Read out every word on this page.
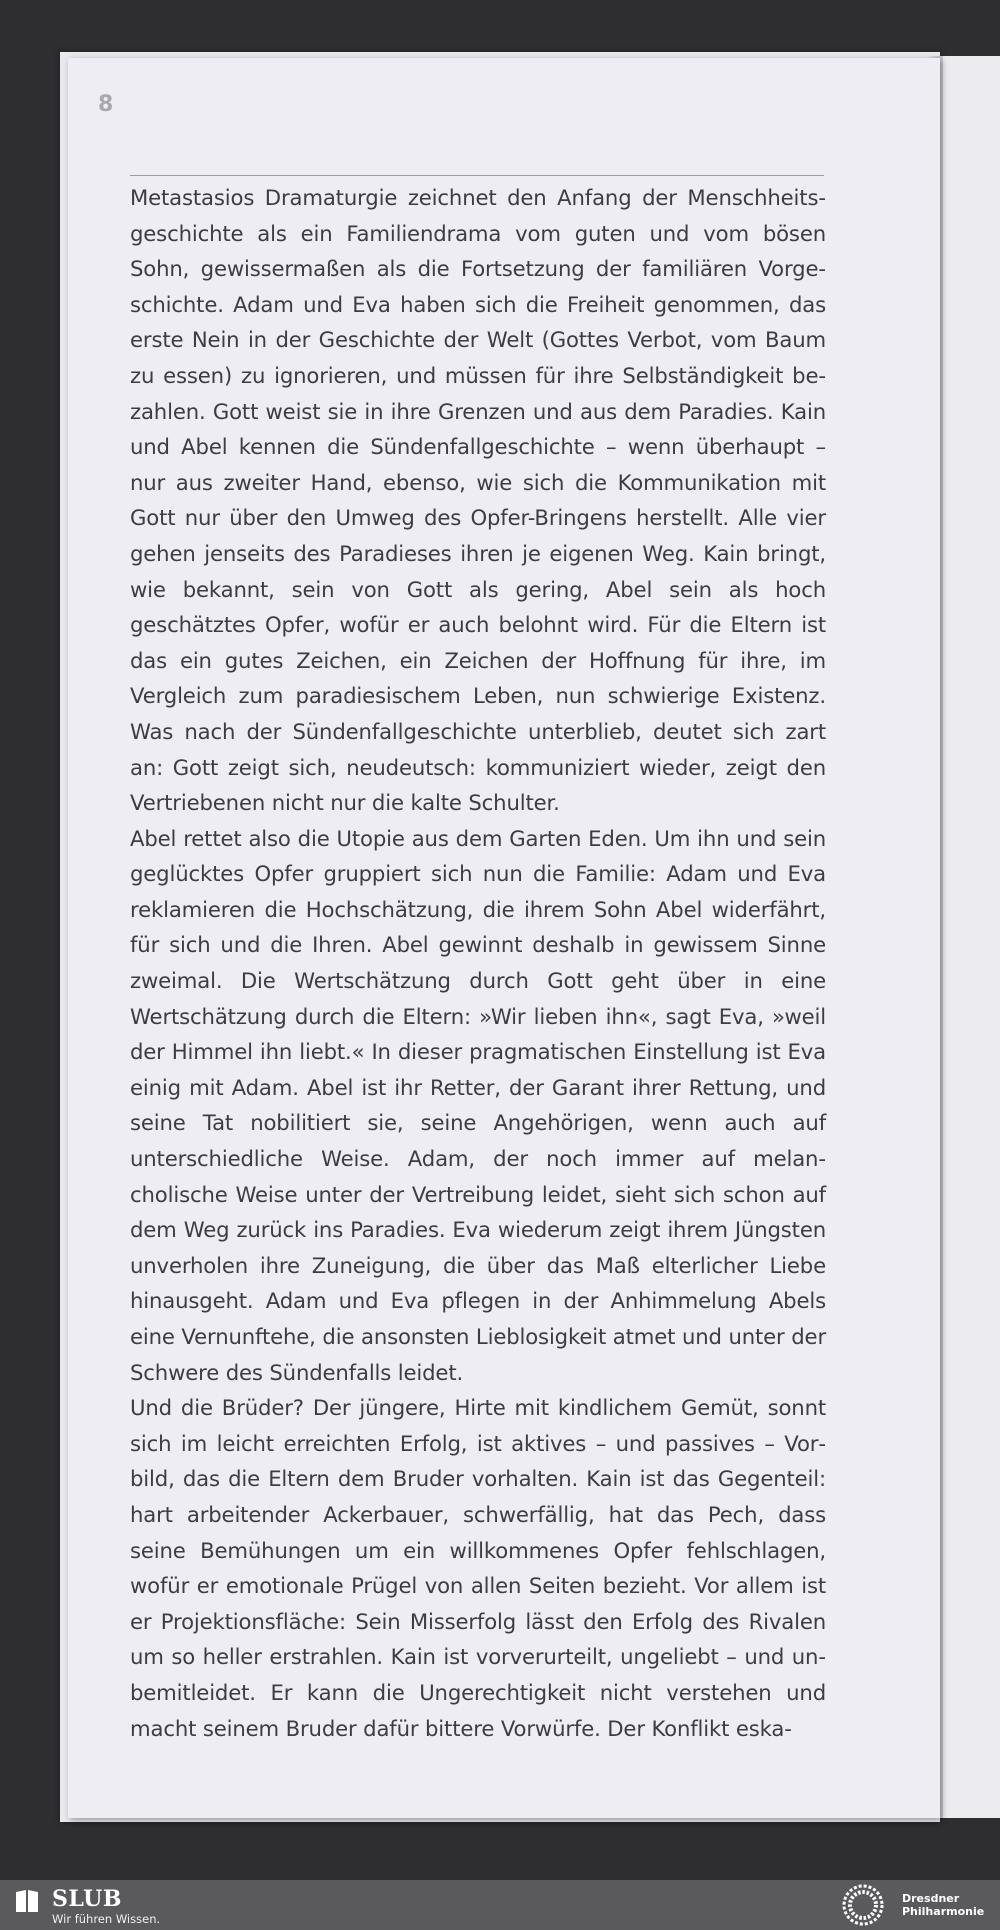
8

Metastasios Dramaturgie zeichnet den Anfang der Menschheitsgeschichte als ein Familiendrama vom guten und vom bösen Sohn, gewissermaßen als die Fortsetzung der familiären Vorgeschichte. Adam und Eva haben sich die Freiheit genommen, das erste Nein in der Geschichte der Welt (Gottes Verbot, vom Baum zu essen) zu ignorieren, und müssen für ihre Selbständigkeit bezahlen. Gott weist sie in ihre Grenzen und aus dem Paradies. Kain und Abel kennen die Sündenfallgeschichte – wenn überhaupt – nur aus zweiter Hand, ebenso, wie sich die Kommunikation mit Gott nur über den Umweg des Opfer-Bringens herstellt. Alle vier gehen jenseits des Paradieses ihren je eigenen Weg. Kain bringt, wie bekannt, sein von Gott als gering, Abel sein als hoch geschätztes Opfer, wofür er auch belohnt wird. Für die Eltern ist das ein gutes Zeichen, ein Zeichen der Hoffnung für ihre, im Vergleich zum paradiesischem Leben, nun schwierige Existenz. Was nach der Sündenfallgeschichte unterblieb, deutet sich zart an: Gott zeigt sich, neudeutsch: kommuniziert wieder, zeigt den Vertriebenen nicht nur die kalte Schulter.

Abel rettet also die Utopie aus dem Garten Eden. Um ihn und sein geglücktes Opfer gruppiert sich nun die Familie: Adam und Eva reklamieren die Hochschätzung, die ihrem Sohn Abel widerfährt, für sich und die Ihren. Abel gewinnt deshalb in gewissem Sinne zweimal. Die Wertschätzung durch Gott geht über in eine Wertschätzung durch die Eltern: »Wir lieben ihn«, sagt Eva, »weil der Himmel ihn liebt.« In dieser pragmatischen Einstellung ist Eva einig mit Adam. Abel ist ihr Retter, der Garant ihrer Rettung, und seine Tat nobilitiert sie, seine Angehörigen, wenn auch auf unterschiedliche Weise. Adam, der noch immer auf melancholische Weise unter der Vertreibung leidet, sieht sich schon auf dem Weg zurück ins Paradies. Eva wiederum zeigt ihrem Jüngsten unverholen ihre Zuneigung, die über das Maß elterlicher Liebe hinausgeht. Adam und Eva pflegen in der Anhimmelung Abels eine Vernunftehe, die ansonsten Lieblosigkeit atmet und unter der Schwere des Sündenfalls leidet.

Und die Brüder? Der jüngere, Hirte mit kindlichem Gemüt, sonnt sich im leicht erreichten Erfolg, ist aktives – und passives – Vorbild, das die Eltern dem Bruder vorhalten. Kain ist das Gegenteil: hart arbeitender Ackerbauer, schwerfällig, hat das Pech, dass seine Bemühungen um ein willkommenes Opfer fehlschlagen, wofür er emotionale Prügel von allen Seiten bezieht. Vor allem ist er Projektionsfläche: Sein Misserfolg lässt den Erfolg des Rivalen um so heller erstrahlen. Kain ist vorverurteilt, ungeliebt – und unbemitleidet. Er kann die Ungerechtigkeit nicht verstehen und macht seinem Bruder dafür bittere Vorwürfe. Der Konflikt eska-

SLUB
Wir führen Wissen.
Dresdner
Philharmonie
